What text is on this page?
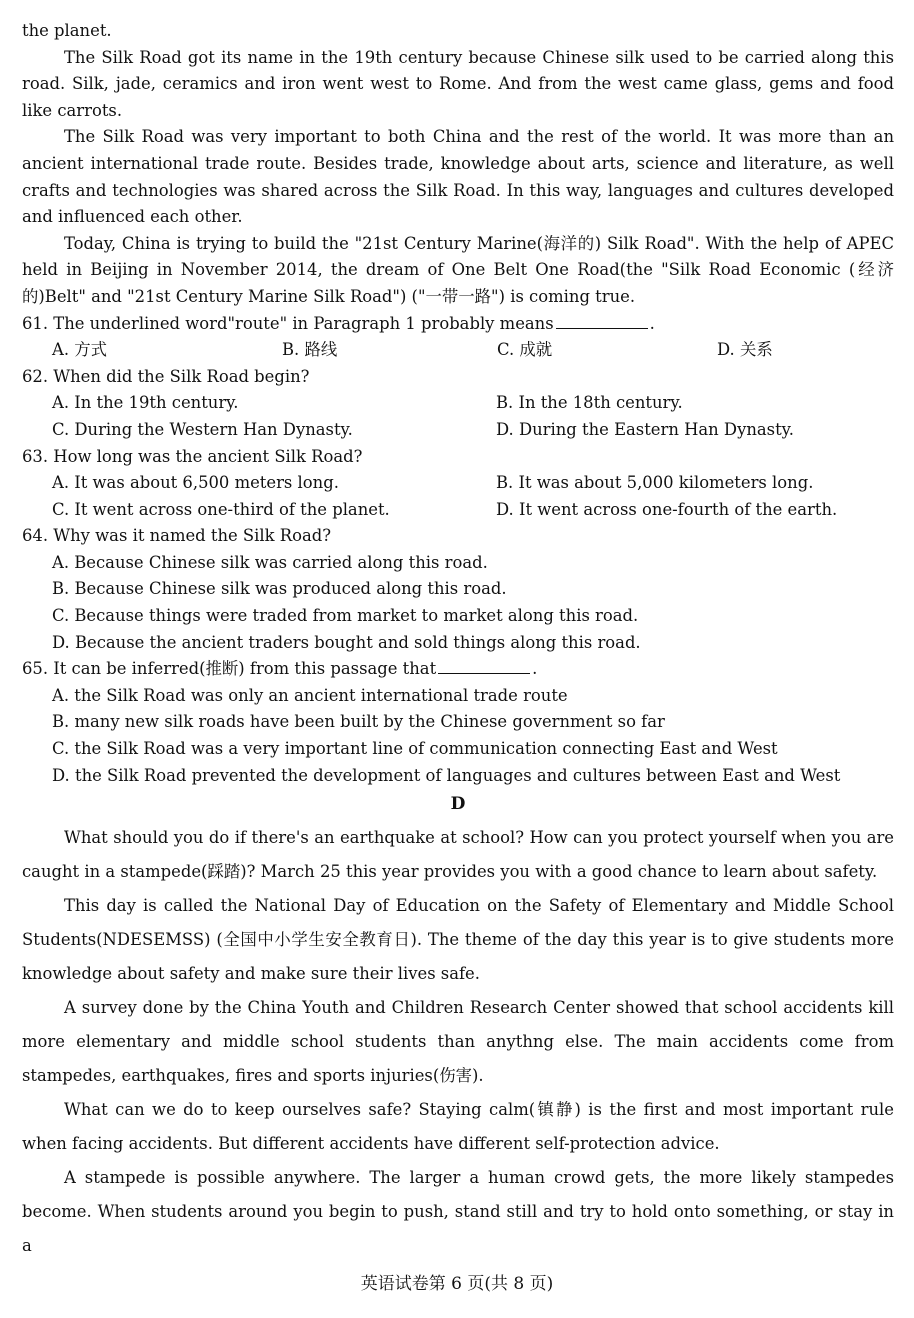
the planet.

The Silk Road got its name in the 19th century because Chinese silk used to be carried along this road. Silk, jade, ceramics and iron went west to Rome. And from the west came glass, gems and food like carrots.

The Silk Road was very important to both China and the rest of the world. It was more than an ancient international trade route. Besides trade, knowledge about arts, science and literature, as well crafts and technologies was shared across the Silk Road. In this way, languages and cultures developed and influenced each other.

Today, China is trying to build the "21st Century Marine(海洋的) Silk Road". With the help of APEC held in Beijing in November 2014, the dream of One Belt One Road(the "Silk Road Economic (经济的)Belt" and "21st Century Marine Silk Road") ("一带一路") is coming true.

61. The underlined word"route" in Paragraph 1 probably means	.

A. 方式	B. 路线	C. 成就	D. 关系

62. When did the Silk Road begin?

A. In the 19th century.	B. In the 18th century.
C. During the Western Han Dynasty.	D. During the Eastern Han Dynasty.

63. How long was the ancient Silk Road?

A. It was about 6,500 meters long.	B. It was about 5,000 kilometers long.
C. It went across one-third of the planet.	D. It went across one-fourth of the earth.

64. Why was it named the Silk Road?

A. Because Chinese silk was carried along this road.
B. Because Chinese silk was produced along this road.
C. Because things were traded from market to market along this road.
D. Because the ancient traders bought and sold things along this road.

65. It can be inferred(推断) from this passage that	.

A. the Silk Road was only an ancient international trade route
B. many new silk roads have been built by the Chinese government so far
C. the Silk Road was a very important line of communication connecting East and West
D. the Silk Road prevented the development of languages and cultures between East and West

D

What should you do if there's an earthquake at school? How can you protect yourself when you are caught in a stampede(踩踏)? March 25 this year provides you with a good chance to learn about safety.

This day is called the National Day of Education on the Safety of Elementary and Middle School Students(NDESEMSS) (全国中小学生安全教育日). The theme of the day this year is to give students more knowledge about safety and make sure their lives safe.

A survey done by the China Youth and Children Research Center showed that school accidents kill more elementary and middle school students than anythng else. The main accidents come from stampedes, earthquakes, fires and sports injuries(伤害).

What can we do to keep ourselves safe? Staying calm(镇静) is the first and most important rule when facing accidents. But different accidents have different self-protection advice.

A stampede is possible anywhere. The larger a human crowd gets, the more likely stampedes become. When students around you begin to push, stand still and try to hold onto something, or stay in a

英语试卷第 6 页(共 8 页)
